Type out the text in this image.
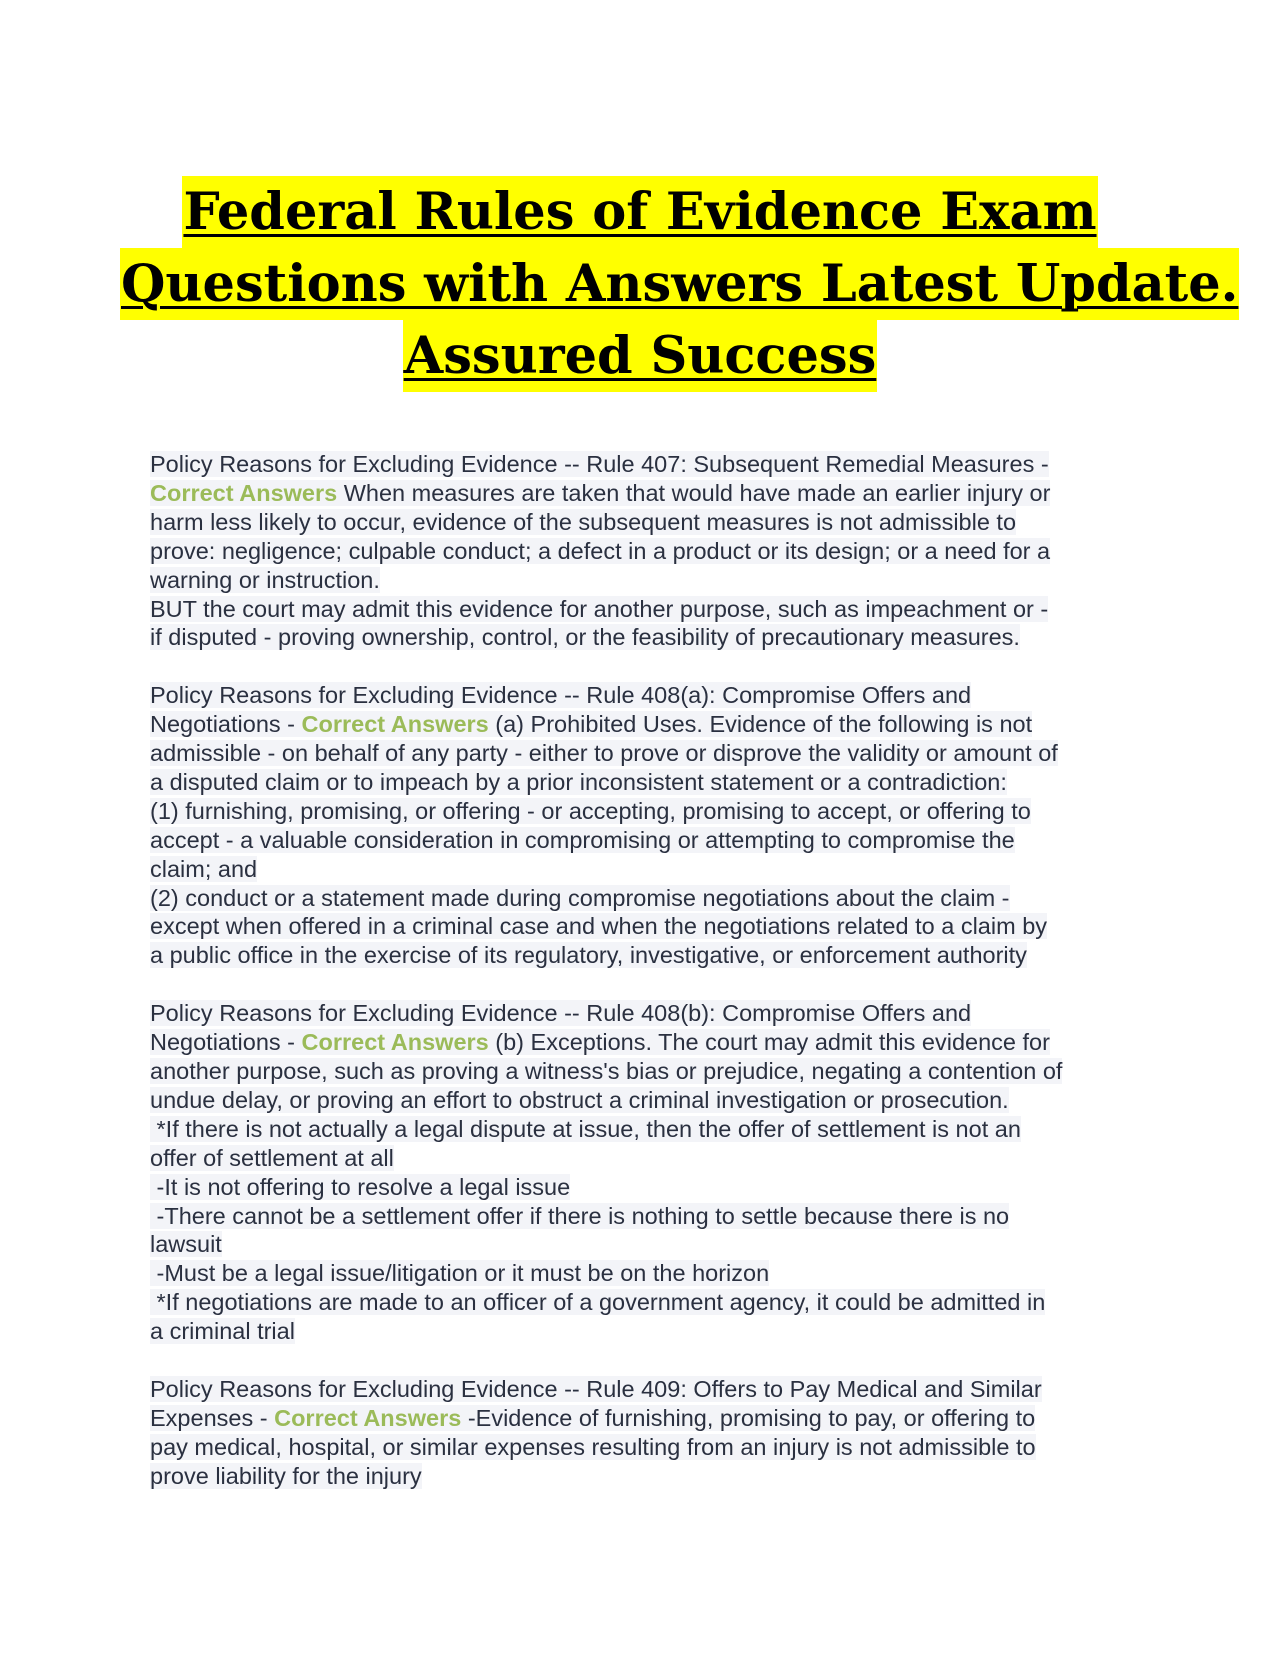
Federal Rules of Evidence Exam
Questions with Answers Latest Update.
Assured Success
Policy Reasons for Excluding Evidence -- Rule 407: Subsequent Remedial Measures -
Correct Answers When measures are taken that would have made an earlier injury or
harm less likely to occur, evidence of the subsequent measures is not admissible to
prove: negligence; culpable conduct; a defect in a product or its design; or a need for a
warning or instruction.
BUT the court may admit this evidence for another purpose, such as impeachment or -
if disputed - proving ownership, control, or the feasibility of precautionary measures.
Policy Reasons for Excluding Evidence -- Rule 408(a): Compromise Offers and
Negotiations - Correct Answers (a) Prohibited Uses. Evidence of the following is not
admissible - on behalf of any party - either to prove or disprove the validity or amount of
a disputed claim or to impeach by a prior inconsistent statement or a contradiction:
(1) furnishing, promising, or offering - or accepting, promising to accept, or offering to
accept - a valuable consideration in compromising or attempting to compromise the
claim; and
(2) conduct or a statement made during compromise negotiations about the claim -
except when offered in a criminal case and when the negotiations related to a claim by
a public office in the exercise of its regulatory, investigative, or enforcement authority
Policy Reasons for Excluding Evidence -- Rule 408(b): Compromise Offers and
Negotiations - Correct Answers (b) Exceptions. The court may admit this evidence for
another purpose, such as proving a witness's bias or prejudice, negating a contention of
undue delay, or proving an effort to obstruct a criminal investigation or prosecution.
*If there is not actually a legal dispute at issue, then the offer of settlement is not an
offer of settlement at all
-It is not offering to resolve a legal issue
-There cannot be a settlement offer if there is nothing to settle because there is no
lawsuit
-Must be a legal issue/litigation or it must be on the horizon
*If negotiations are made to an officer of a government agency, it could be admitted in
a criminal trial
Policy Reasons for Excluding Evidence -- Rule 409: Offers to Pay Medical and Similar
Expenses - Correct Answers -Evidence of furnishing, promising to pay, or offering to
pay medical, hospital, or similar expenses resulting from an injury is not admissible to
prove liability for the injury
